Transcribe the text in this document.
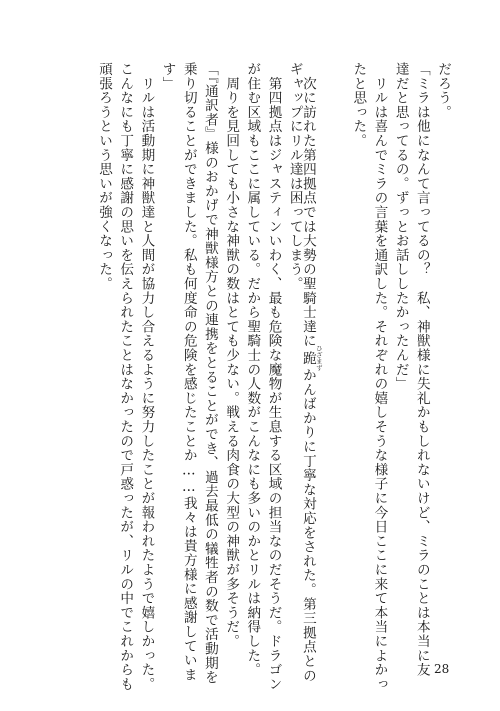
だろう。
「ミラは他になんて言ってるの？　私、神獣様に失礼かもしれないけど、ミラのことは本当に友
達だと思ってるの。ずっとお話ししたかったんだ」
　リルは喜んでミラの言葉を通訳した。それぞれの嬉しそうな様子に今日ここに来て本当によかっ
たと思った。
　次に訪れた第四拠点では大勢の聖騎士達に跪 ひざまずかんばかりに丁寧な対応をされた。第三拠点との
ギャップにリル達は困ってしまう。
　第四拠点はジャスティンいわく、最も危険な魔物が生息する区域の担当なのだそうだ。ドラゴン
が住む区域もここに属している。だから聖騎士の人数がこんなにも多いのかとリルは納得した。
　周りを見回しても小さな神獣の数はとても少ない。戦える肉食の大型の神獣が多そうだ。
「『通訳者』様のおかげで神獣様方との連携をとることができ、過去最低の犠牲者の数で活動期を
乗り切ることができました。私も何度命の危険を感じたことか……我々は貴方様に感謝していま
す」
　リルは活動期に神獣達と人間が協力し合えるように努力したことが報われたようで嬉しかった。
こんなにも丁寧に感謝の思いを伝えられたことはなかったので戸惑ったが、リルの中でこれからも
頑張ろうという思いが強くなった。
28
